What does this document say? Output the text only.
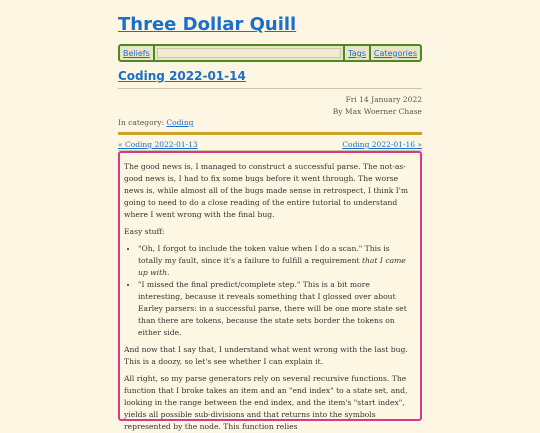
Three Dollar Quill
Beliefs	Tags	Categories
Coding 2022-01-14
Fri 14 January 2022
By Max Woerner Chase
In category: Coding
« Coding 2022-01-13	Coding 2022-01-16 »

The good news is, I managed to construct a successful parse. The not-as-good news is, I had to fix some bugs before it went through. The worse news is, while almost all of the bugs made sense in retrospect, I think I'm going to need to do a close reading of the entire tutorial to understand where I went wrong with the final bug.

Easy stuff:

• "Oh, I forgot to include the token value when I do a scan." This is totally my fault, since it's a failure to fulfill a requirement that I came up with.
• "I missed the final predict/complete step." This is a bit more interesting, because it reveals something that I glossed over about Earley parsers: in a successful parse, there will be one more state set than there are tokens, because the state sets border the tokens on either side.

And now that I say that, I understand what went wrong with the last bug. This is a doozy, so let's see whether I can explain it.

All right, so my parse generators rely on several recursive functions. The function that I broke takes an item and an "end index" to a state set, and, looking in the range between the end index, and the item's "start index", yields all possible sub-divisions and that returns into the symbols represented by the node. This function relies
